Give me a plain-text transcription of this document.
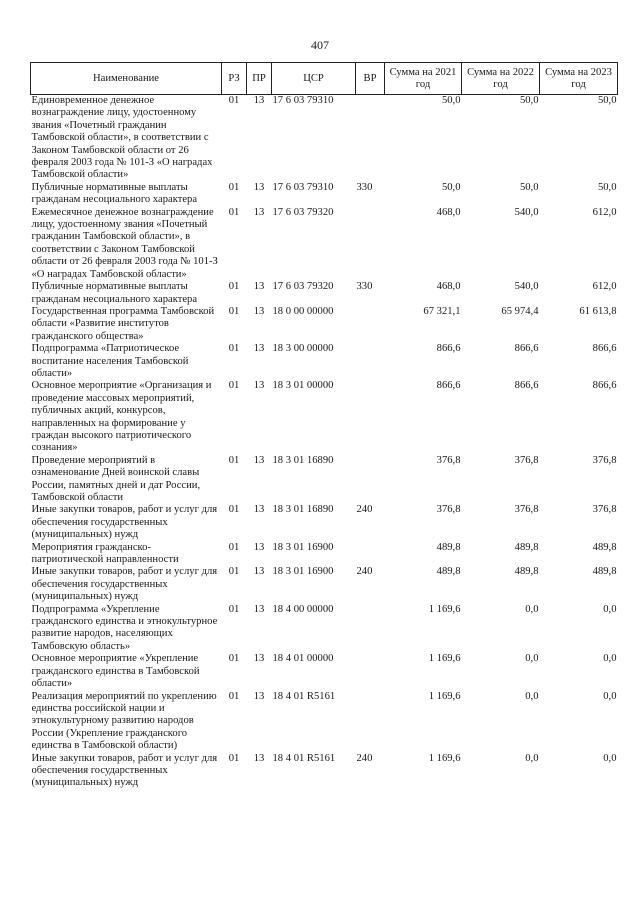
407
Наименование	РЗ	ПР	ЦСР	ВР	Сумма на 2021 год	Сумма на 2022 год	Сумма на 2023 год
Единовременное денежное вознаграждение лицу, удостоенному звания «Почетный гражданин Тамбовской области», в соответствии с Законом Тамбовской области от 26 февраля 2003 года № 101-З «О наградах Тамбовской области»	01	13	17 6 03 79310		50,0	50,0	50,0
Публичные нормативные выплаты гражданам несоциального характера	01	13	17 6 03 79310	330	50,0	50,0	50,0
Ежемесячное денежное вознаграждение лицу, удостоенному звания «Почетный гражданин Тамбовской области», в соответствии с Законом Тамбовской области от 26 февраля 2003 года № 101-З «О наградах Тамбовской области»	01	13	17 6 03 79320		468,0	540,0	612,0
Публичные нормативные выплаты гражданам несоциального характера	01	13	17 6 03 79320	330	468,0	540,0	612,0
Государственная программа Тамбовской области «Развитие институтов гражданского общества»	01	13	18 0 00 00000		67 321,1	65 974,4	61 613,8
Подпрограмма «Патриотическое воспитание населения Тамбовской области»	01	13	18 3 00 00000		866,6	866,6	866,6
Основное мероприятие «Организация и проведение массовых мероприятий, публичных акций, конкурсов, направленных на формирование у граждан высокого патриотического сознания»	01	13	18 3 01 00000		866,6	866,6	866,6
Проведение мероприятий в ознаменование Дней воинской славы России, памятных дней и дат России, Тамбовской области	01	13	18 3 01 16890		376,8	376,8	376,8
Иные закупки товаров, работ и услуг для обеспечения государственных (муниципальных) нужд	01	13	18 3 01 16890	240	376,8	376,8	376,8
Мероприятия гражданско-патриотической направленности	01	13	18 3 01 16900		489,8	489,8	489,8
Иные закупки товаров, работ и услуг для обеспечения государственных (муниципальных) нужд	01	13	18 3 01 16900	240	489,8	489,8	489,8
Подпрограмма «Укрепление гражданского единства и этнокультурное развитие народов, населяющих Тамбовскую область»	01	13	18 4 00 00000		1 169,6	0,0	0,0
Основное мероприятие «Укрепление гражданского единства в Тамбовской области»	01	13	18 4 01 00000		1 169,6	0,0	0,0
Реализация мероприятий по укреплению единства российской нации и этнокультурному развитию народов России (Укрепление гражданского единства в Тамбовской области)	01	13	18 4 01 R5161		1 169,6	0,0	0,0
Иные закупки товаров, работ и услуг для обеспечения государственных (муниципальных) нужд	01	13	18 4 01 R5161	240	1 169,6	0,0	0,0
